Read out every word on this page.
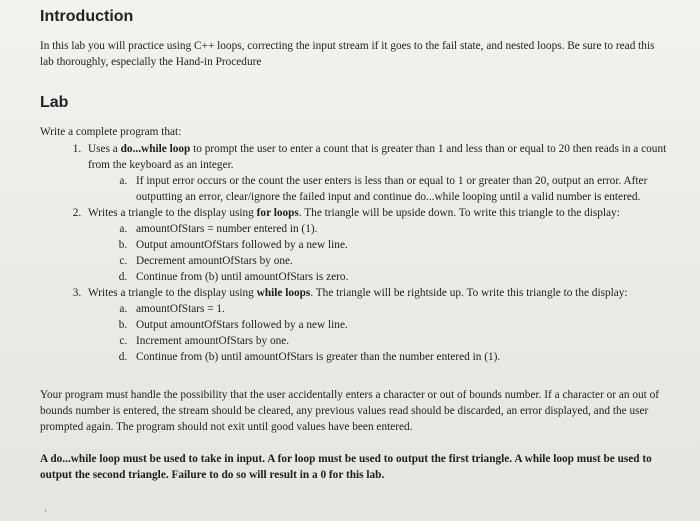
Introduction

In this lab you will practice using C++ loops, correcting the input stream if it goes to the fail state, and nested loops. Be sure to read this lab thoroughly, especially the Hand-in Procedure

Lab

Write a complete program that:

1. Uses a do...while loop to prompt the user to enter a count that is greater than 1 and less than or equal to 20 then reads in a count from the keyboard as an integer.
a. If input error occurs or the count the user enters is less than or equal to 1 or greater than 20, output an error. After outputting an error, clear/ignore the failed input and continue do...while looping until a valid number is entered.
2. Writes a triangle to the display using for loops. The triangle will be upside down. To write this triangle to the display:
a. amountOfStars = number entered in (1).
b. Output amountOfStars followed by a new line.
c. Decrement amountOfStars by one.
d. Continue from (b) until amountOfStars is zero.
3. Writes a triangle to the display using while loops. The triangle will be rightside up. To write this triangle to the display:
a. amountOfStars = 1.
b. Output amountOfStars followed by a new line.
c. Increment amountOfStars by one.
d. Continue from (b) until amountOfStars is greater than the number entered in (1).

Your program must handle the possibility that the user accidentally enters a character or out of bounds number. If a character or an out of bounds number is entered, the stream should be cleared, any previous values read should be discarded, an error displayed, and the user prompted again. The program should not exit until good values have been entered.

A do...while loop must be used to take in input. A for loop must be used to output the first triangle. A while loop must be used to output the second triangle. Failure to do so will result in a 0 for this lab.

›
